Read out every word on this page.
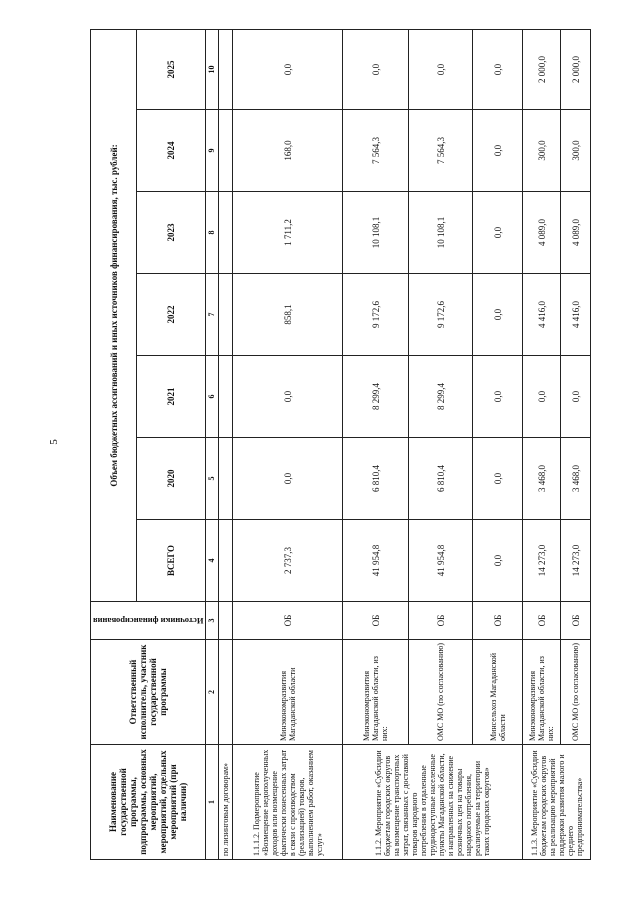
5
Наименование государственной программы, подпрограммы, основных мероприятий, мероприятий, отдельных мероприятий (при наличии)	Ответственный исполнитель, участник государственной программы	Источники финансирования	Объем бюджетных ассигнований и иных источников финансирования, тыс. рублей:						
			ВСЕГО	2020	2021	2022	2023	2024	2025
1	2	3	4	5	6	7	8	9	10
по лизинговым договорам»									
1.1.1.2. Подмероприятие «Возмещение недополученных доходов или возмещение фактически понесенных затрат в связи с производством (реализацией) товаров, выполнением работ, оказанием услуг»	Минэкономразвития Магаданской области	ОБ	2 737,3	0,0	0,0	858,1	1 711,2	168,0	0,0
1.1.2. Мероприятие «Субсидии бюджетам городских округов на возмещение транспортных затрат, связанных с доставкой товаров народного потребления в отдаленные труднодоступные населенные пункты Магаданской области, и направленных на снижение розничных цен на товары народного потребления, реализуемые на территории таких городских округов»	Минэкономразвития Магаданской области, из них:	ОБ	41 954,8	6 810,4	8 299,4	9 172,6	10 108,1	7 564,3	0,0
	ОМС МО (по согласованию)	ОБ	41 954,8	6 810,4	8 299,4	9 172,6	10 108,1	7 564,3	0,0
	Минсельхоз Магаданской области	ОБ	0,0	0,0	0,0	0,0	0,0	0,0	0,0
1.1.3. Мероприятие «Субсидии бюджетам городских округов на реализацию мероприятий поддержки развития малого и среднего предпринимательства»	Минэкономразвития Магаданской области, из них:	ОБ	14 273,0	3 468,0	0,0	4 416,0	4 089,0	300,0	2 000,0
	ОМС МО (по согласованию)	ОБ	14 273,0	3 468,0	0,0	4 416,0	4 089,0	300,0	2 000,0
